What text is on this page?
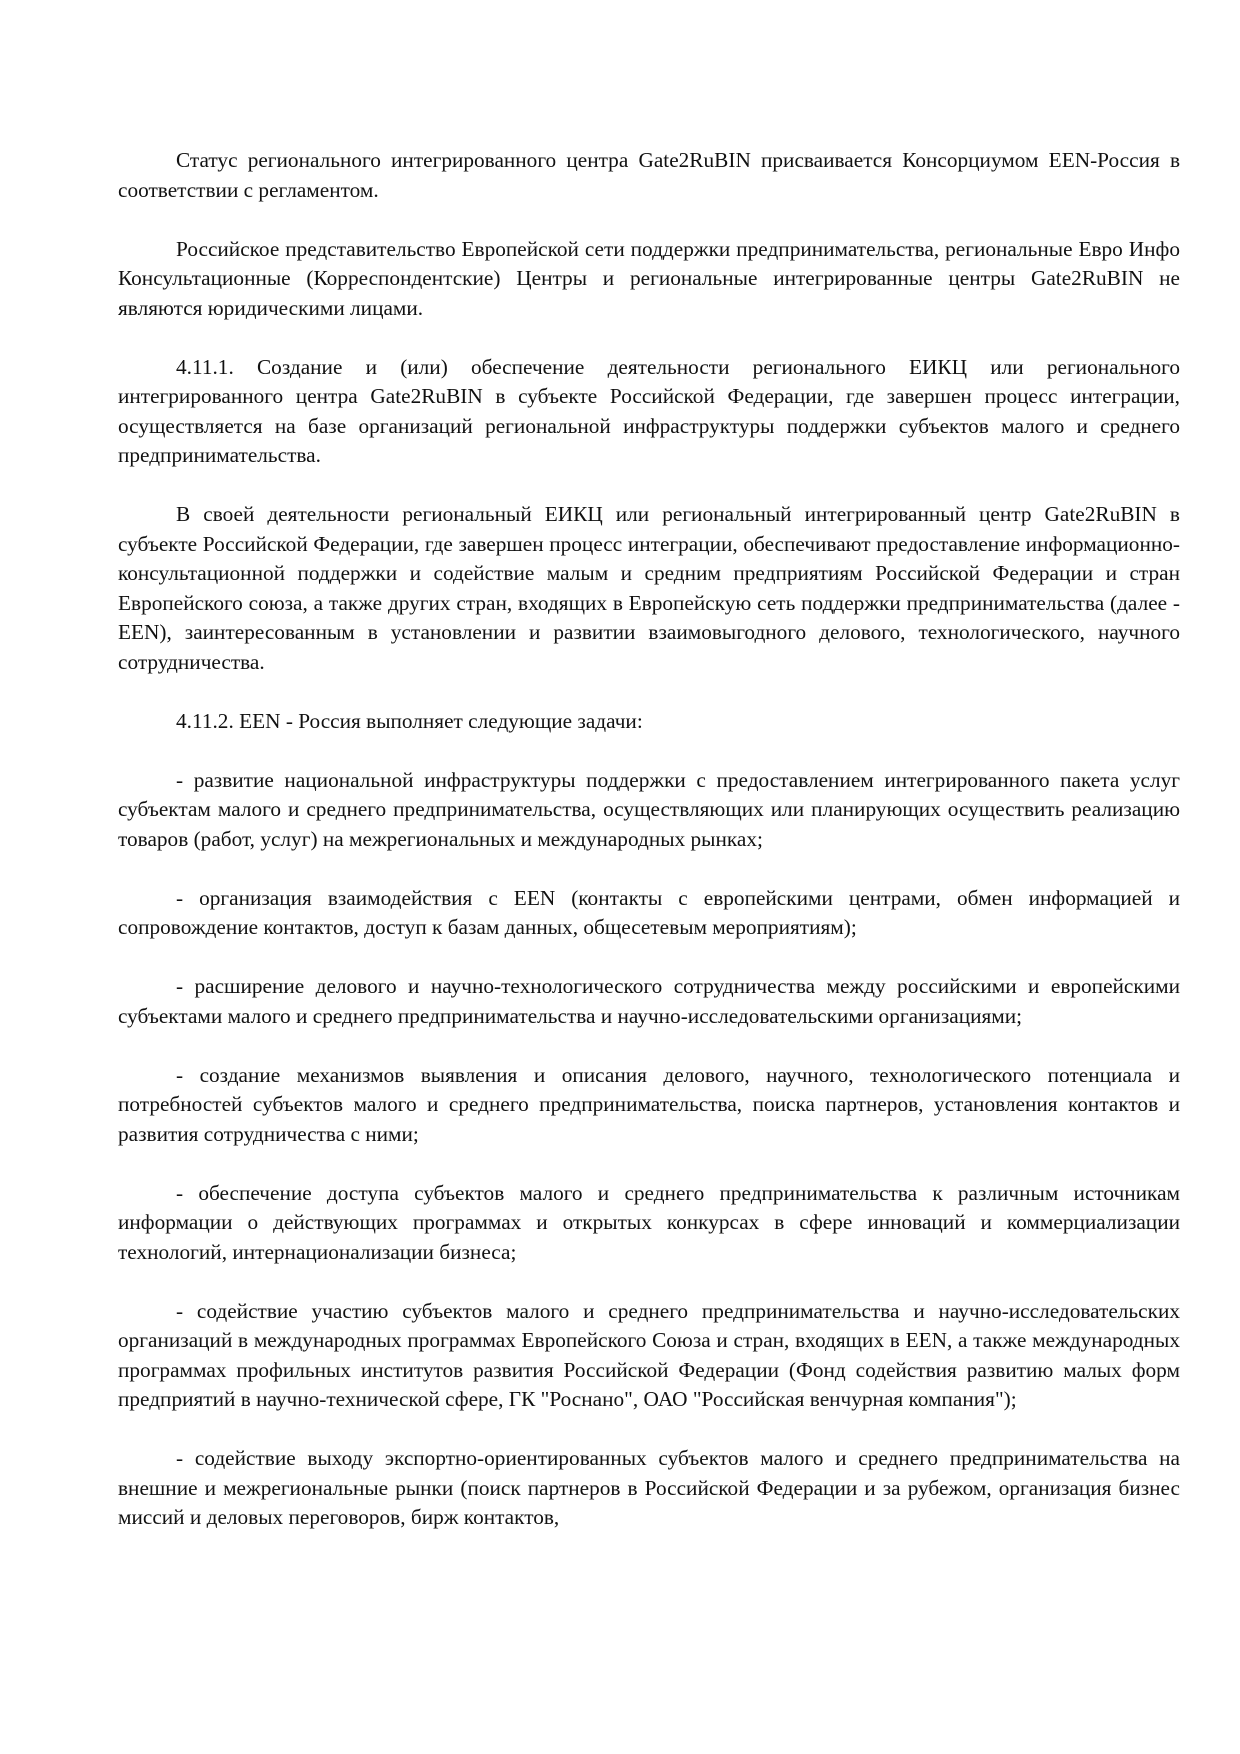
Статус регионального интегрированного центра Gate2RuBIN присваивается Консорциумом EEN-Россия в соответствии с регламентом.

Российское представительство Европейской сети поддержки предпринимательства, региональные Евро Инфо Консультационные (Корреспондентские) Центры и региональные интегрированные центры Gate2RuBIN не являются юридическими лицами.

4.11.1. Создание и (или) обеспечение деятельности регионального ЕИКЦ или регионального интегрированного центра Gate2RuBIN в субъекте Российской Федерации, где завершен процесс интеграции, осуществляется на базе организаций региональной инфраструктуры поддержки субъектов малого и среднего предпринимательства.

В своей деятельности региональный ЕИКЦ или региональный интегрированный центр Gate2RuBIN в субъекте Российской Федерации, где завершен процесс интеграции, обеспечивают предоставление информационно-консультационной поддержки и содействие малым и средним предприятиям Российской Федерации и стран Европейского союза, а также других стран, входящих в Европейскую сеть поддержки предпринимательства (далее - EEN), заинтересованным в установлении и развитии взаимовыгодного делового, технологического, научного сотрудничества.

4.11.2. EEN - Россия выполняет следующие задачи:

- развитие национальной инфраструктуры поддержки с предоставлением интегрированного пакета услуг субъектам малого и среднего предпринимательства, осуществляющих или планирующих осуществить реализацию товаров (работ, услуг) на межрегиональных и международных рынках;

- организация взаимодействия с EEN (контакты с европейскими центрами, обмен информацией и сопровождение контактов, доступ к базам данных, общесетевым мероприятиям);

- расширение делового и научно-технологического сотрудничества между российскими и европейскими субъектами малого и среднего предпринимательства и научно-исследовательскими организациями;

- создание механизмов выявления и описания делового, научного, технологического потенциала и потребностей субъектов малого и среднего предпринимательства, поиска партнеров, установления контактов и развития сотрудничества с ними;

- обеспечение доступа субъектов малого и среднего предпринимательства к различным источникам информации о действующих программах и открытых конкурсах в сфере инноваций и коммерциализации технологий, интернационализации бизнеса;

- содействие участию субъектов малого и среднего предпринимательства и научно-исследовательских организаций в международных программах Европейского Союза и стран, входящих в EEN, а также международных программах профильных институтов развития Российской Федерации (Фонд содействия развитию малых форм предприятий в научно-технической сфере, ГК "Роснано", ОАО "Российская венчурная компания");

- содействие выходу экспортно-ориентированных субъектов малого и среднего предпринимательства на внешние и межрегиональные рынки (поиск партнеров в Российской Федерации и за рубежом, организация бизнес миссий и деловых переговоров, бирж контактов,
